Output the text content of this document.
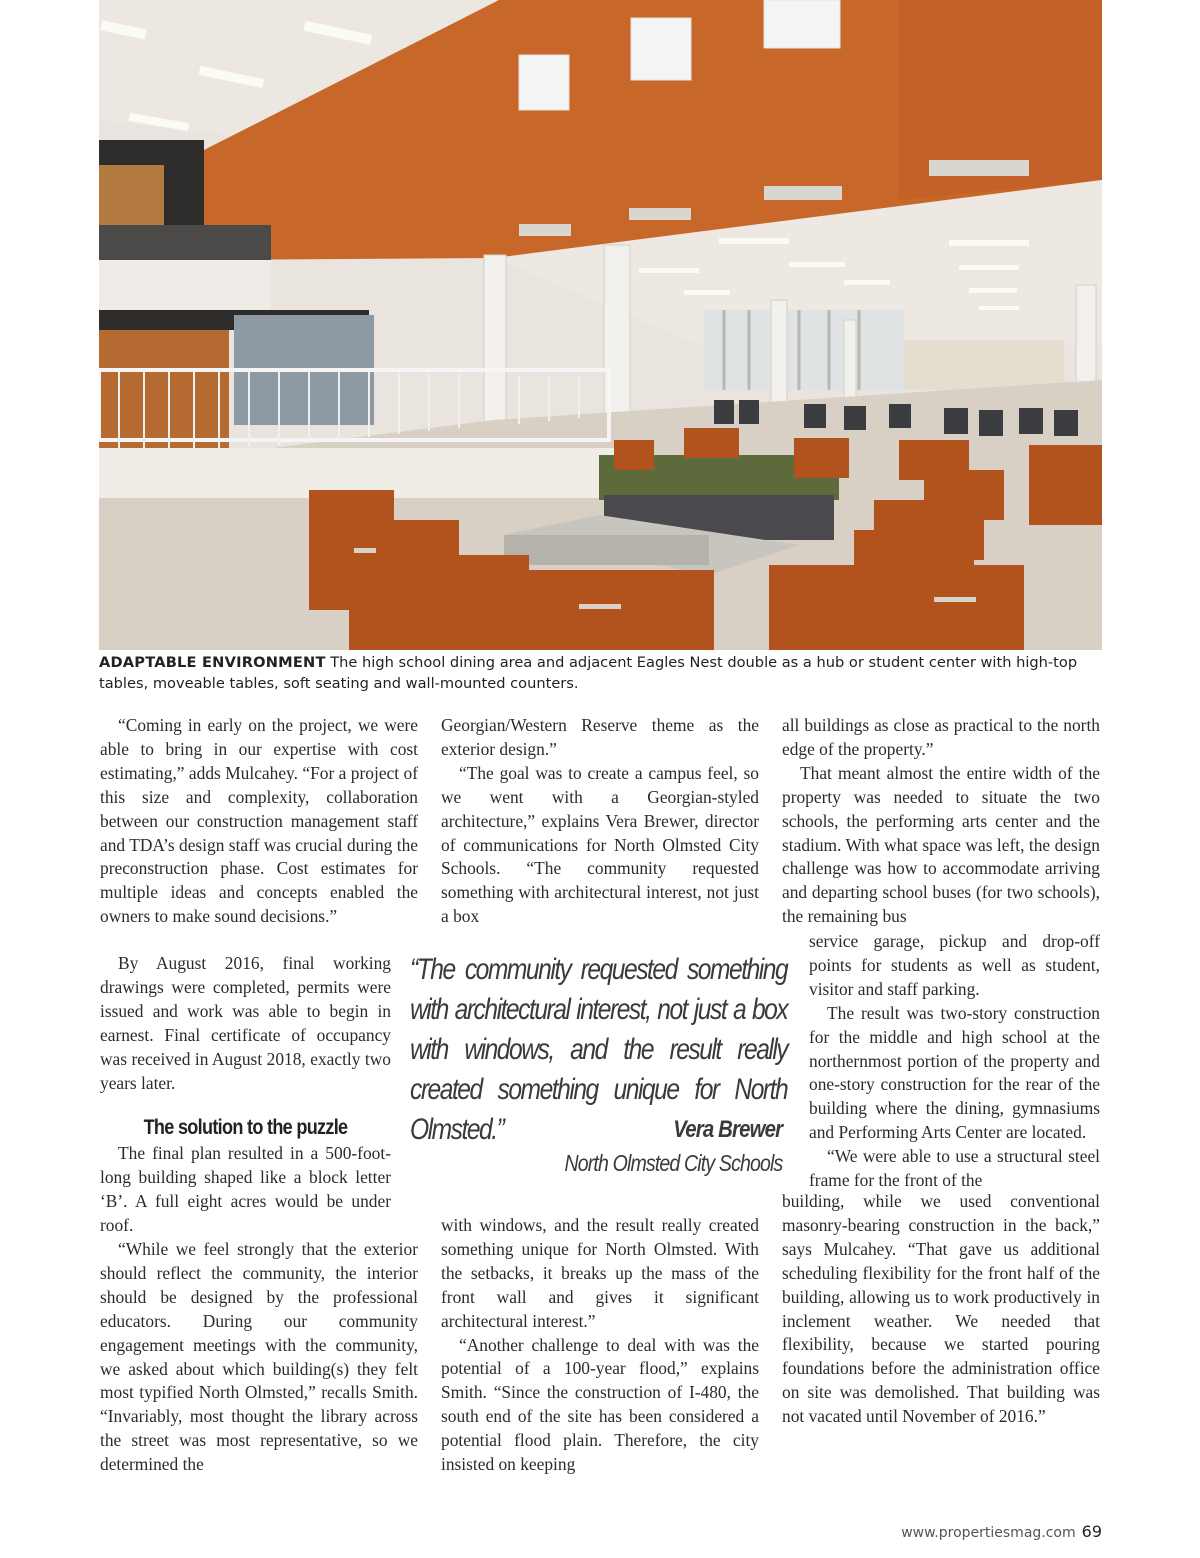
ADAPTABLE ENVIRONMENT The high school dining area and adjacent Eagles Nest double as a hub or student center with high-top tables, moveable tables, soft seating and wall-mounted counters.

“Coming in early on the project, we were able to bring in our expertise with cost estimating,” adds Mulcahey. “For a project of this size and complexity, collaboration between our construction management staff and TDA’s design staff was crucial during the preconstruction phase. Cost estimates for multiple ideas and concepts enabled the owners to make sound decisions.”

By August 2016, final working drawings were completed, permits were issued and work was able to begin in earnest. Final certificate of occupancy was received in August 2018, exactly two years later.

The solution to the puzzle

The final plan resulted in a 500-foot-long building shaped like a block letter ‘B’. A full eight acres would be under roof.

“While we feel strongly that the exterior should reflect the community, the interior should be designed by the professional educators. During our community engagement meetings with the community, we asked about which building(s) they felt most typified North Olmsted,” recalls Smith. “Invariably, most thought the library across the street was most representative, so we determined the

Georgian/Western Reserve theme as the exterior design.”

“The goal was to create a campus feel, so we went with a Georgian-styled architecture,” explains Vera Brewer, director of communications for North Olmsted City Schools. “The community requested something with architectural interest, not just a box

“The community requested something with architectural interest, not just a box with windows, and the result really created something unique for North Olmsted.”	Vera Brewer
North Olmsted City Schools

with windows, and the result really created something unique for North Olmsted. With the setbacks, it breaks up the mass of the front wall and gives it significant architectural interest.”

“Another challenge to deal with was the potential of a 100-year flood,” explains Smith. “Since the construction of I-480, the south end of the site has been considered a potential flood plain. Therefore, the city insisted on keeping

all buildings as close as practical to the north edge of the property.”

That meant almost the entire width of the property was needed to situate the two schools, the performing arts center and the stadium. With what space was left, the design challenge was how to accommodate arriving and departing school buses (for two schools), the remaining bus

service garage, pickup and drop-off points for students as well as student, visitor and staff parking.

The result was two-story construction for the middle and high school at the northernmost portion of the property and one-story construction for the rear of the building where the dining, gymnasiums and Performing Arts Center are located.

“We were able to use a structural steel frame for the front of the

building, while we used conventional masonry-bearing construction in the back,” says Mulcahey. “That gave us additional scheduling flexibility for the front half of the building, allowing us to work productively in inclement weather. We needed that flexibility, because we started pouring foundations before the administration office on site was demolished. That building was not vacated until November of 2016.”

www.propertiesmag.com 69
